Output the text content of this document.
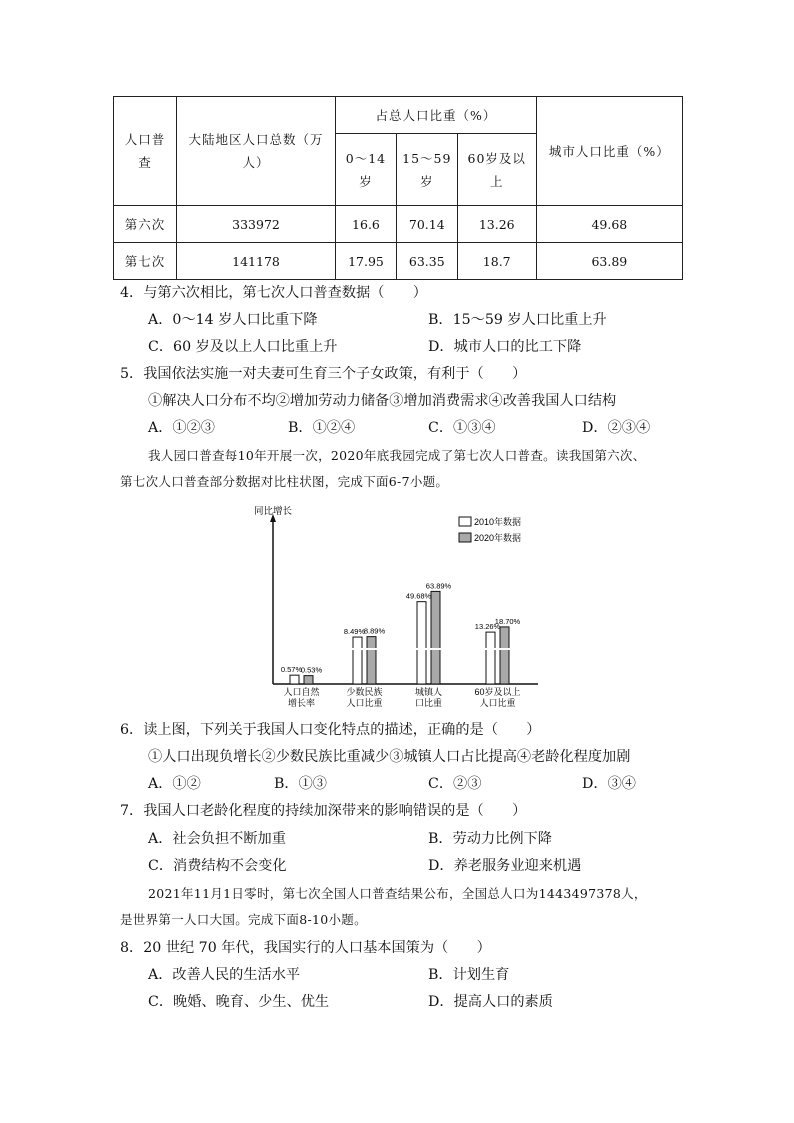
人口普查	大陆地区人口总数（万人）	占总人口比重（%）			城市人口比重（%）
		0～14岁	15～59岁	60岁及以上	
第六次	333972	16.6	70.14	13.26	49.68
第七次	141178	17.95	63.35	18.7	63.89
4．与第六次相比，第七次人口普查数据（　　）
A．0～14 岁人口比重下降	B．15～59 岁人口比重上升
C．60 岁及以上人口比重上升	D．城市人口的比工下降
5．我国依法实施一对夫妻可生育三个子女政策，有利于（　　）
①解决人口分布不均②增加劳动力储备③增加消费需求④改善我国人口结构
A．①②③	B．①②④	C．①③④	D．②③④
我人园口普查每10年开展一次，2020年底我园完成了第七次人口普查。读我国第六次、
第七次人口普查部分数据对比柱状图，完成下面6-7小题。
同比增长
2010年数据
2020年数据
0.57%
8.49%
49.68%
13.26%
0.53%
8.89%
63.89%
18.70%
人口自然
增长率
少数民族
人口比重
城镇人
口比重
60岁及以上
人口比重
6．读上图，下列关于我国人口变化特点的描述，正确的是（　　）
①人口出现负增长②少数民族比重减少③城镇人口占比提高④老龄化程度加剧
A．①②	B．①③	C．②③	D．③④
7．我国人口老龄化程度的持续加深带来的影响错误的是（　　）
A．社会负担不断加重	B．劳动力比例下降
C．消费结构不会变化	D．养老服务业迎来机遇
2021年11月1日零时，第七次全国人口普查结果公布，全国总人口为1443497378人，
是世界第一人口大国。完成下面8-10小题。
8．20 世纪 70 年代，我国实行的人口基本国策为（　　）
A．改善人民的生活水平	B．计划生育
C．晚婚、晚育、少生、优生	D．提高人口的素质
